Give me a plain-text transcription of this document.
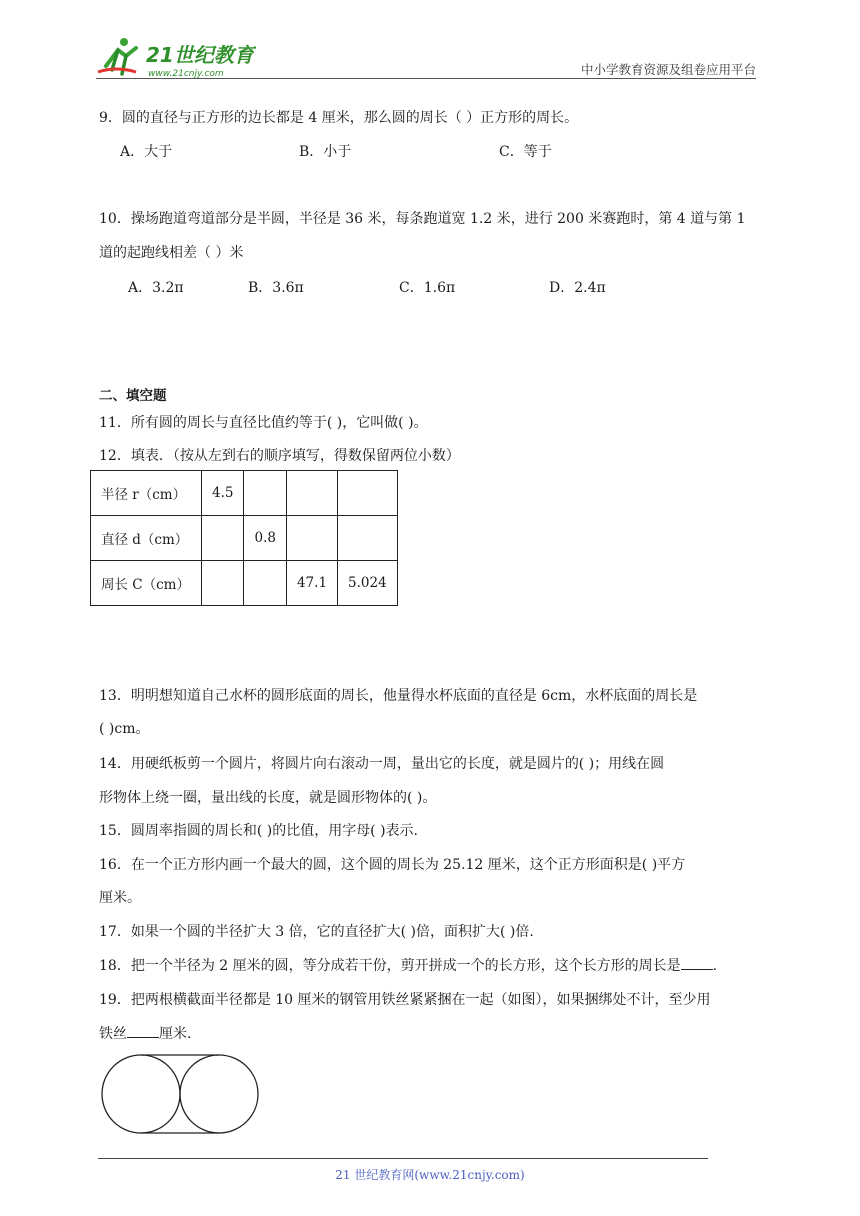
21世纪教育
www.21cnjy.com	中小学教育资源及组卷应用平台
9．圆的直径与正方形的边长都是 4 厘米，那么圆的周长（ ）正方形的周长。
A．大于	B．小于	C．等于
10．操场跑道弯道部分是半圆，半径是 36 米，每条跑道宽 1.2 米，进行 200 米赛跑时，第 4 道与第 1
道的起跑线相差（ ）米
A．3.2π	B．3.6π	C．1.6π	D．2.4π
二、填空题
11．所有圆的周长与直径比值约等于( )，它叫做( )。
12．填表．（按从左到右的顺序填写，得数保留两位小数）
半径 r（cm）	4.5			
直径 d（cm）		0.8		
周长 C（cm）			47.1	5.024
13．明明想知道自己水杯的圆形底面的周长，他量得水杯底面的直径是 6cm，水杯底面的周长是
( )cm。
14．用硬纸板剪一个圆片，将圆片向右滚动一周，量出它的长度，就是圆片的( )；用线在圆
形物体上绕一圈，量出线的长度，就是圆形物体的( )。
15．圆周率指圆的周长和( )的比值，用字母( )表示.
16．在一个正方形内画一个最大的圆，这个圆的周长为 25.12 厘米，这个正方形面积是( )平方
厘米。
17．如果一个圆的半径扩大 3 倍，它的直径扩大( )倍，面积扩大( )倍.
18．把一个半径为 2 厘米的圆，等分成若干份，剪开拼成一个的长方形，这个长方形的周长是 .
19．把两根横截面半径都是 10 厘米的钢管用铁丝紧紧捆在一起（如图），如果捆绑处不计，至少用
铁丝 厘米.
21 世纪教育网(www.21cnjy.com)
